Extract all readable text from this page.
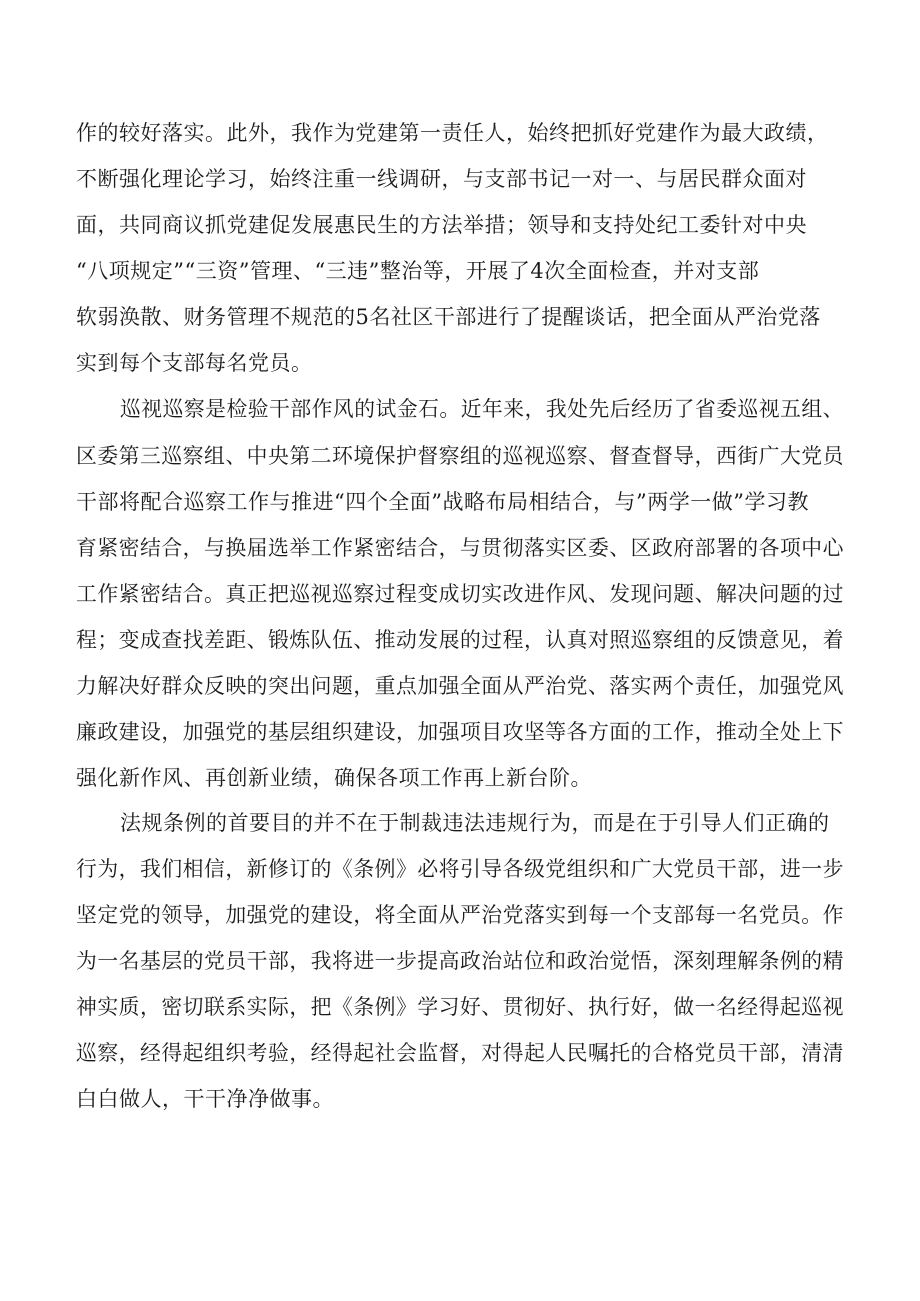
作的较好落实。此外，我作为党建第一责任人，始终把抓好党建作为最大政绩，
不断强化理论学习，始终注重一线调研，与支部书记一对一、与居民群众面对
面，共同商议抓党建促发展惠民生的方法举措；领导和支持处纪工委针对中央
“八项规定”“三资”管理、“三违”整治等，开展了4次全面检查，并对支部
软弱涣散、财务管理不规范的5名社区干部进行了提醒谈话，把全面从严治党落
实到每个支部每名党员。
巡视巡察是检验干部作风的试金石。近年来，我处先后经历了省委巡视五组、
区委第三巡察组、中央第二环境保护督察组的巡视巡察、督查督导，西街广大党员
干部将配合巡察工作与推进“四个全面”战略布局相结合，与”两学一做”学习教
育紧密结合，与换届选举工作紧密结合，与贯彻落实区委、区政府部署的各项中心
工作紧密结合。真正把巡视巡察过程变成切实改进作风、发现问题、解决问题的过
程；变成查找差距、锻炼队伍、推动发展的过程，认真对照巡察组的反馈意见，着
力解决好群众反映的突出问题，重点加强全面从严治党、落实两个责任，加强党风
廉政建设，加强党的基层组织建设，加强项目攻坚等各方面的工作，推动全处上下
强化新作风、再创新业绩，确保各项工作再上新台阶。
法规条例的首要目的并不在于制裁违法违规行为，而是在于引导人们正确的
行为，我们相信，新修订的《条例》必将引导各级党组织和广大党员干部，进一步
坚定党的领导，加强党的建设，将全面从严治党落实到每一个支部每一名党员。作
为一名基层的党员干部，我将进一步提高政治站位和政治觉悟，深刻理解条例的精
神实质，密切联系实际，把《条例》学习好、贯彻好、执行好，做一名经得起巡视
巡察，经得起组织考验，经得起社会监督，对得起人民嘱托的合格党员干部，清清
白白做人，干干净净做事。
